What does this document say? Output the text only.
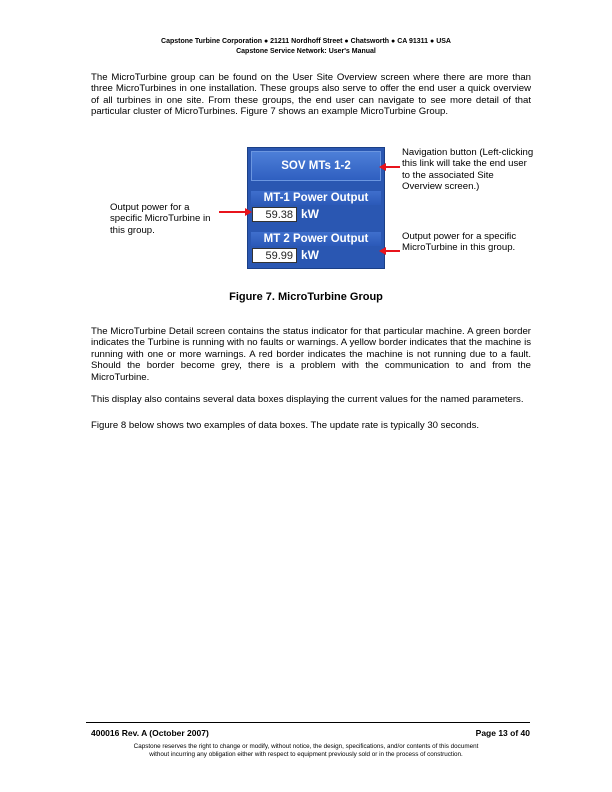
Capstone Turbine Corporation ● 21211 Nordhoff Street ● Chatsworth ● CA 91311 ● USA
Capstone Service Network: User's Manual

The MicroTurbine group can be found on the User Site Overview screen where there are more than three MicroTurbines in one installation. These groups also serve to offer the end user a quick overview of all turbines in one site. From these groups, the end user can navigate to see more detail of that particular cluster of MicroTurbines. Figure 7 shows an example MicroTurbine Group.

SOV MTs 1-2
MT-1 Power Output
59.38 kW
MT 2 Power Output
59.99 kW
Output power for a specific MicroTurbine in this group.
Navigation button (Left-clicking this link will take the end user to the associated Site Overview screen.)
Output power for a specific MicroTurbine in this group.
Figure 7. MicroTurbine Group

The MicroTurbine Detail screen contains the status indicator for that particular machine. A green border indicates the Turbine is running with no faults or warnings. A yellow border indicates that the machine is running with one or more warnings. A red border indicates the machine is not running due to a fault. Should the border become grey, there is a problem with the communication to and from the MicroTurbine.

This display also contains several data boxes displaying the current values for the named parameters.

Figure 8 below shows two examples of data boxes. The update rate is typically 30 seconds.

400016 Rev. A (October 2007)	Page 13 of 40
Capstone reserves the right to change or modify, without notice, the design, specifications, and/or contents of this document
without incurring any obligation either with respect to equipment previously sold or in the process of construction.
